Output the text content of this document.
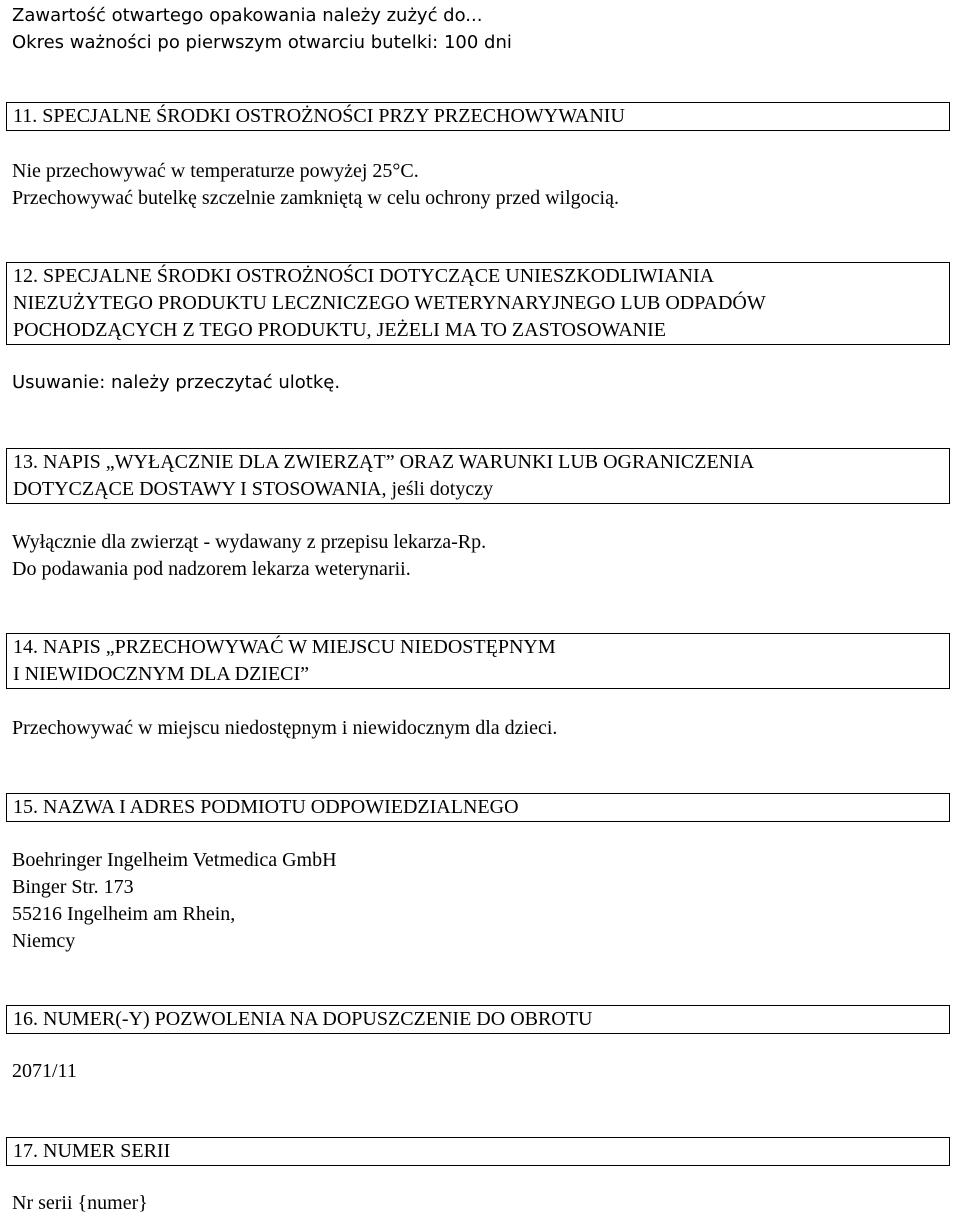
Zawartość otwartego opakowania należy zużyć do...
Okres ważności po pierwszym otwarciu butelki: 100 dni
11. SPECJALNE ŚRODKI OSTROŻNOŚCI PRZY PRZECHOWYWANIU
Nie przechowywać w temperaturze powyżej 25°C.
Przechowywać butelkę szczelnie zamkniętą w celu ochrony przed wilgocią.
12. SPECJALNE ŚRODKI OSTROŻNOŚCI DOTYCZĄCE UNIESZKODLIWIANIA
NIEZUŻYTEGO PRODUKTU LECZNICZEGO WETERYNARYJNEGO LUB ODPADÓW
POCHODZĄCYCH Z TEGO PRODUKTU, JEŻELI MA TO ZASTOSOWANIE
Usuwanie: należy przeczytać ulotkę.
13. NAPIS „WYŁĄCZNIE DLA ZWIERZĄT” ORAZ WARUNKI LUB OGRANICZENIA
DOTYCZĄCE DOSTAWY I STOSOWANIA, jeśli dotyczy
Wyłącznie dla zwierząt - wydawany z przepisu lekarza-Rp.
Do podawania pod nadzorem lekarza weterynarii.
14. NAPIS „PRZECHOWYWAĆ W MIEJSCU NIEDOSTĘPNYM
I NIEWIDOCZNYM DLA DZIECI”
Przechowywać w miejscu niedostępnym i niewidocznym dla dzieci.
15. NAZWA I ADRES PODMIOTU ODPOWIEDZIALNEGO
Boehringer Ingelheim Vetmedica GmbH
Binger Str. 173
55216 Ingelheim am Rhein,
Niemcy
16. NUMER(-Y) POZWOLENIA NA DOPUSZCZENIE DO OBROTU
2071/11
17. NUMER SERII
Nr serii {numer}
